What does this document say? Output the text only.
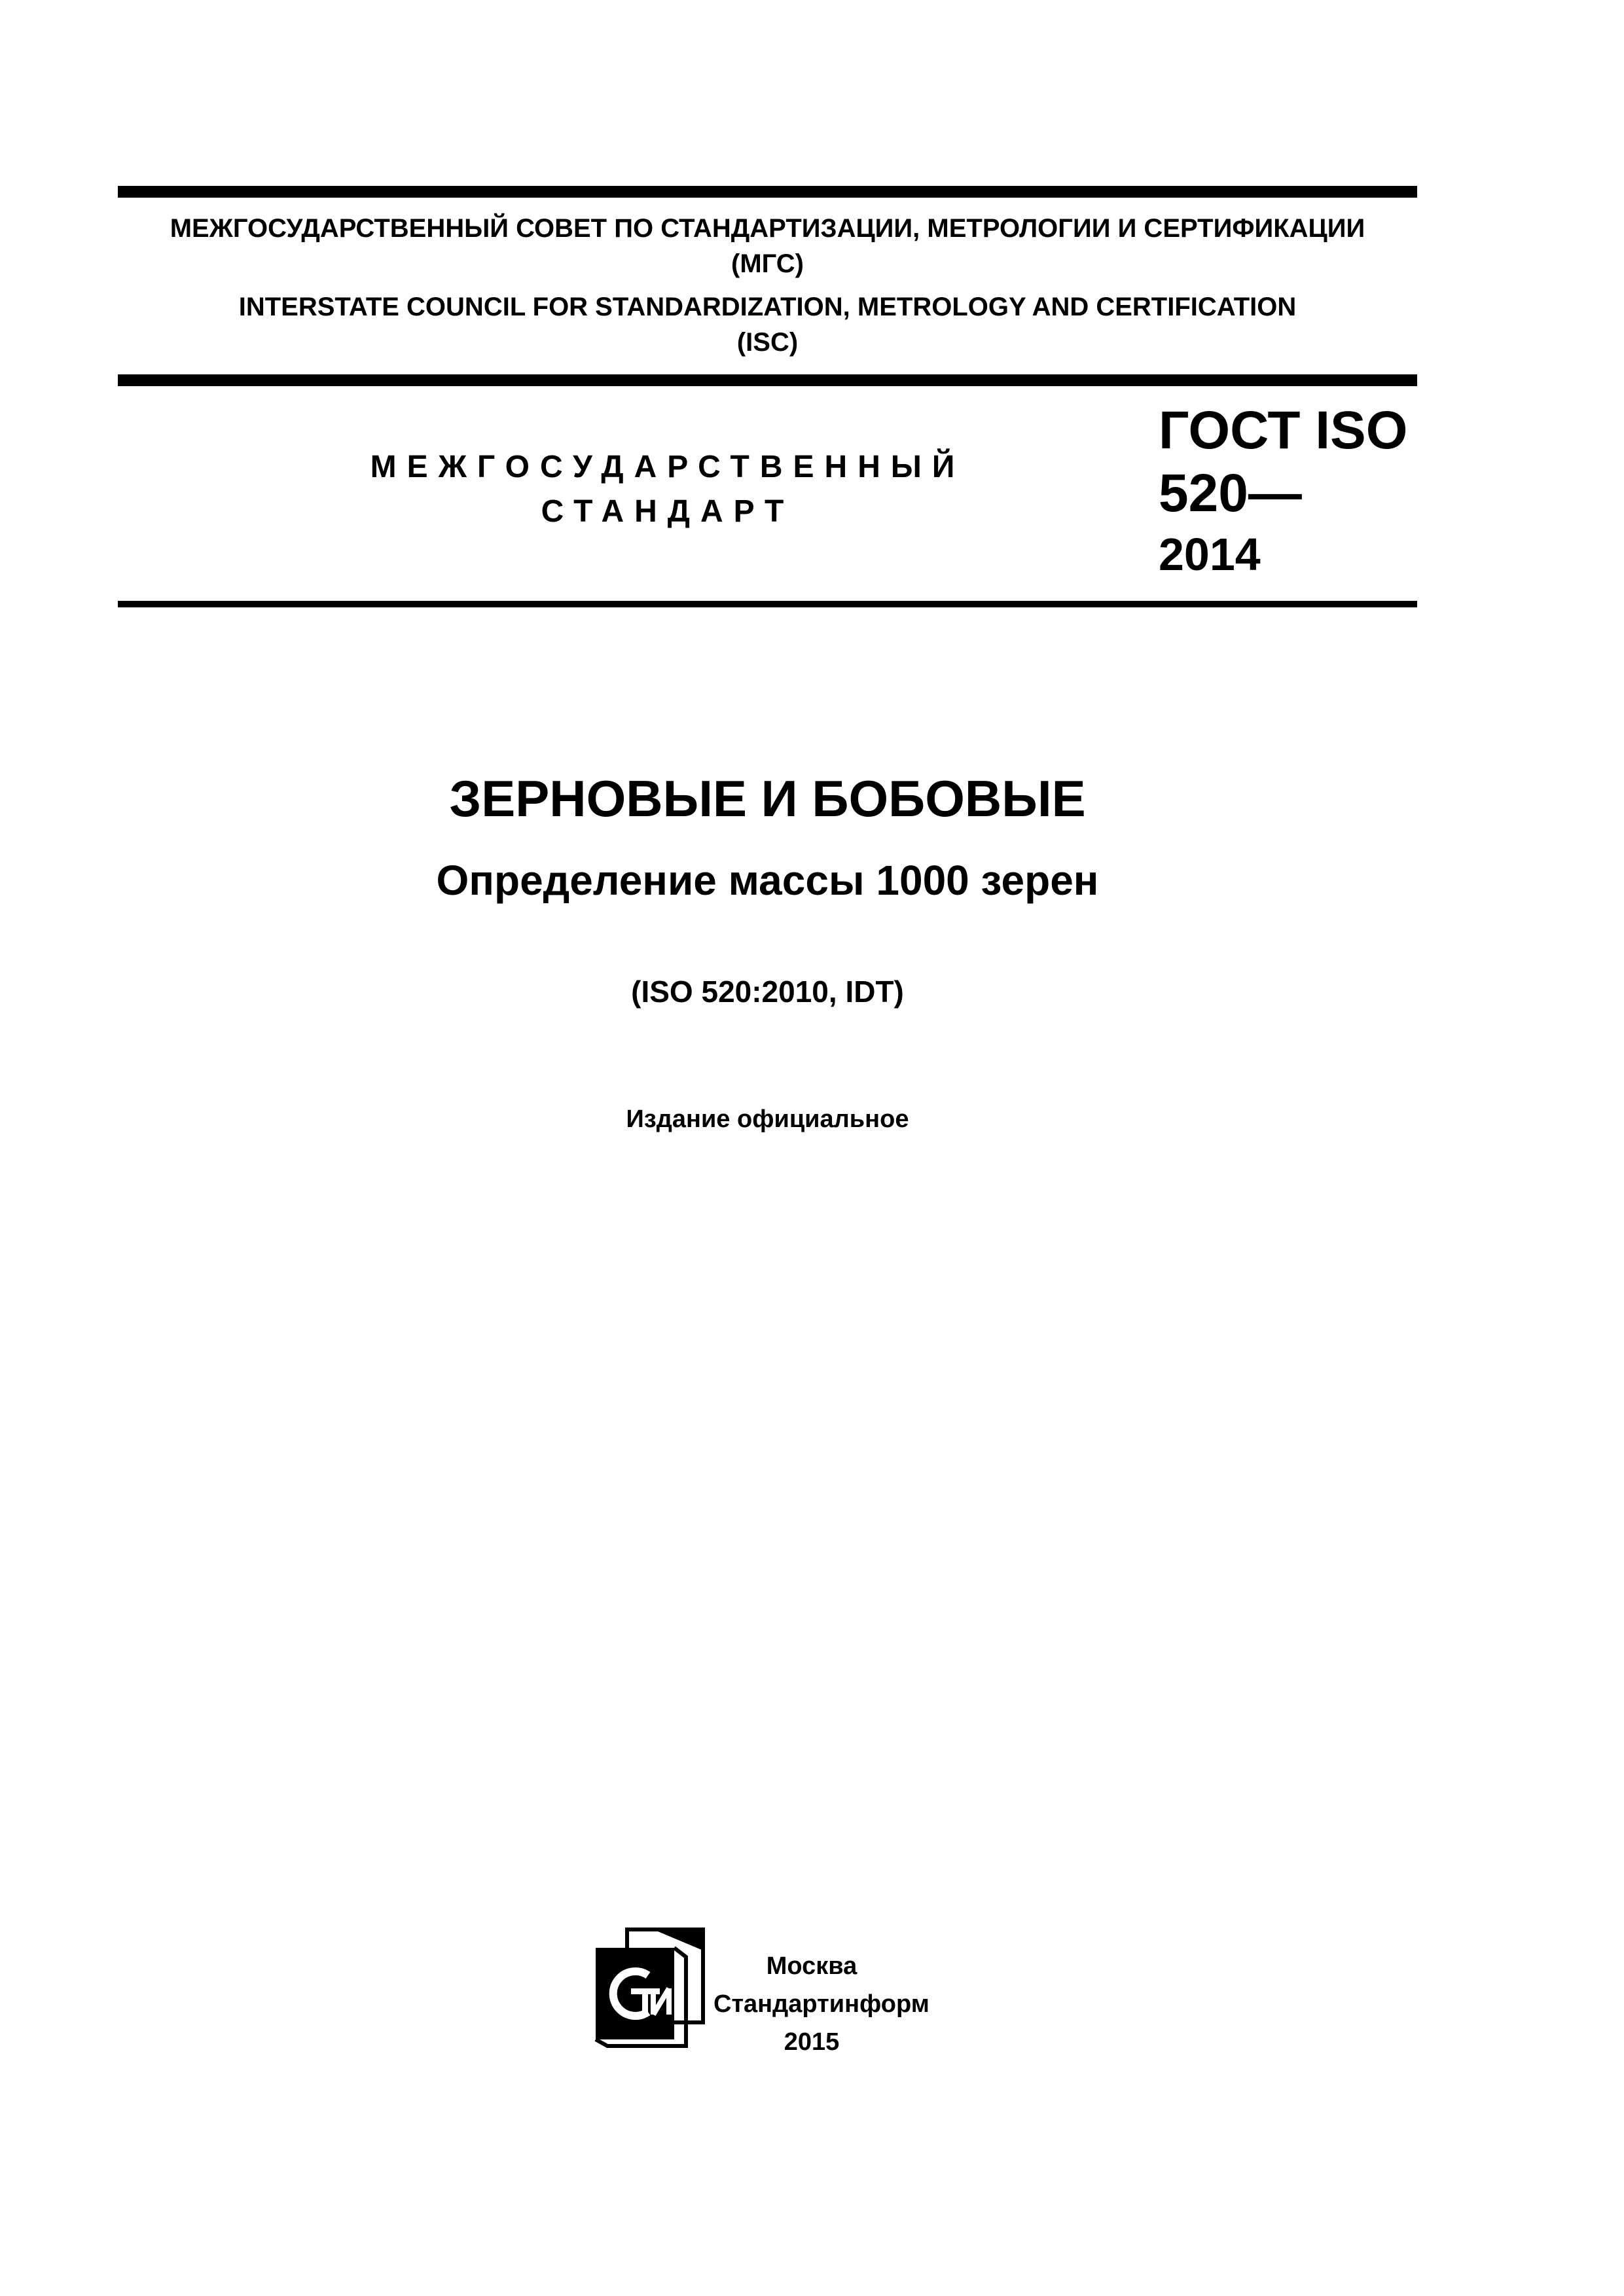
МЕЖГОСУДАРСТВЕННЫЙ СОВЕТ ПО СТАНДАРТИЗАЦИИ, МЕТРОЛОГИИ И СЕРТИФИКАЦИИ
(МГС)
INTERSTATE COUNCIL FOR STANDARDIZATION, METROLOGY AND CERTIFICATION
(ISC)
МЕЖГОСУДАРСТВЕННЫЙ
СТАНДАРТ
ГОСТ ISO
520—
2014
ЗЕРНОВЫЕ И БОБОВЫЕ
Определение массы 1000 зерен
(ISO 520:2010, IDT)
Издание официальное
Москва
Стандартинформ
2015
